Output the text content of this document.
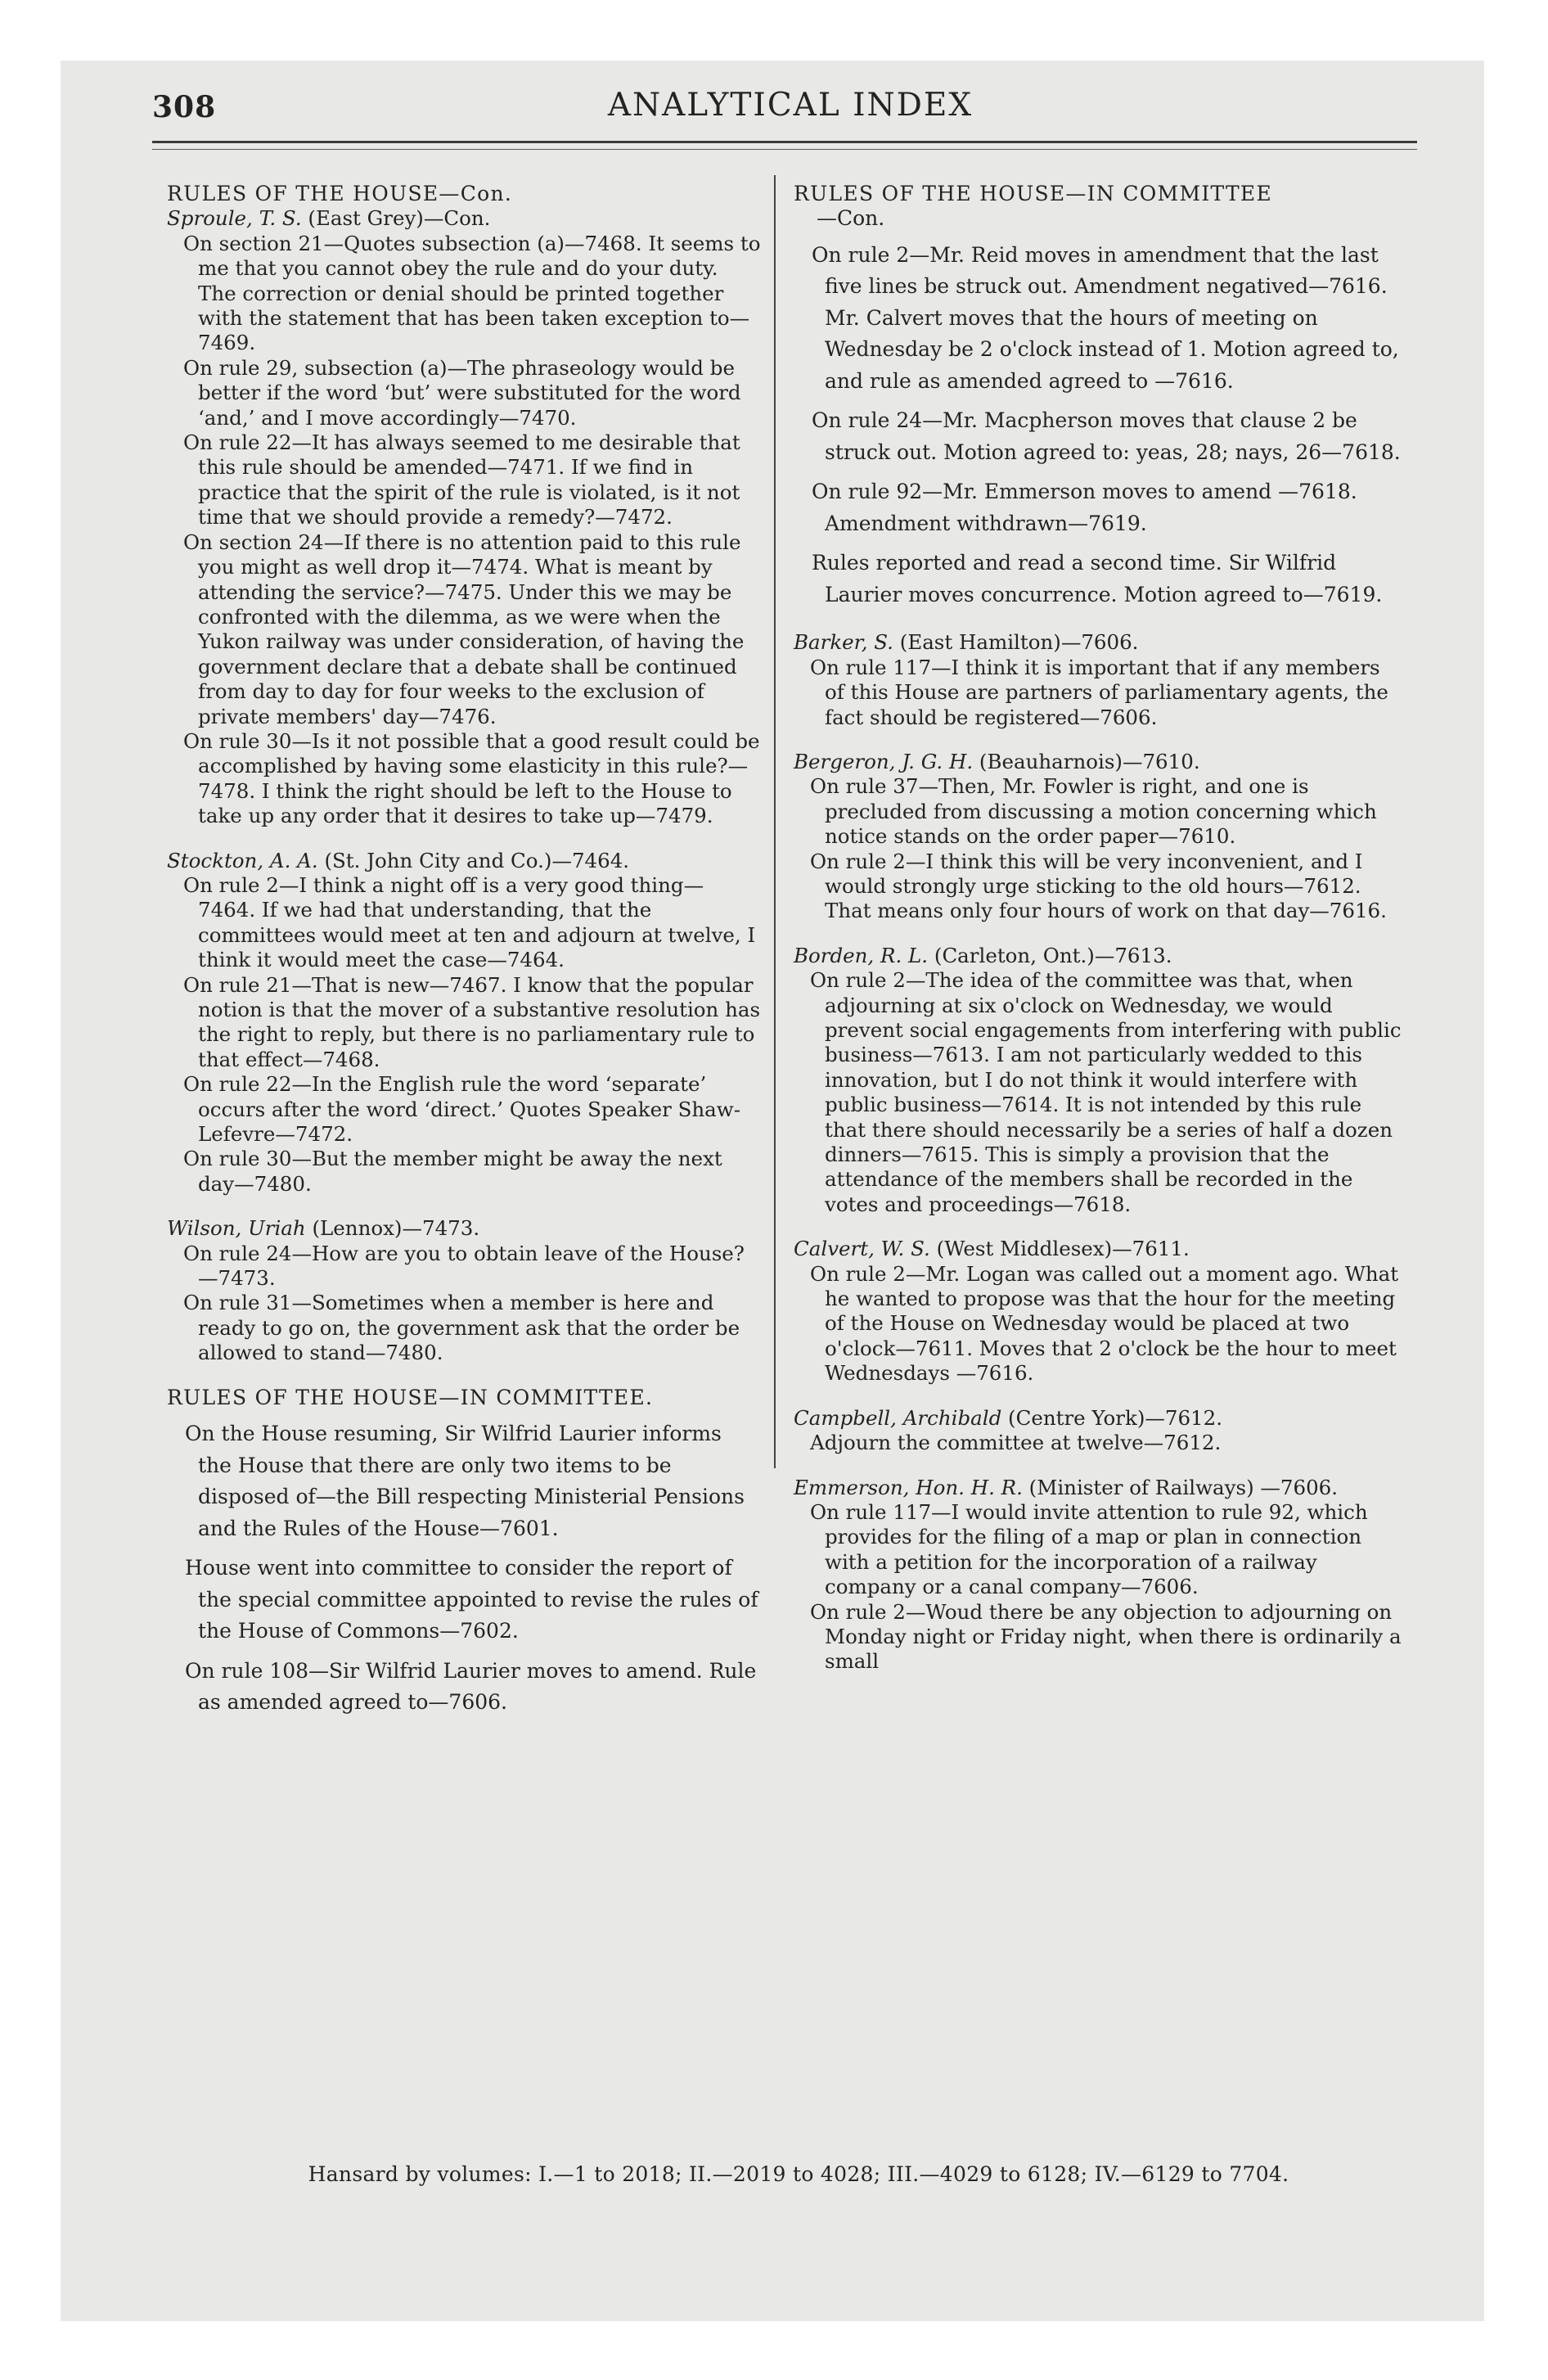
308	ANALYTICAL INDEX
RULES OF THE HOUSE—Con.
Sproule, T. S. (East Grey)—Con.

On section 21—Quotes subsection (a)—7468. It seems to me that you cannot obey the rule and do your duty. The correction or denial should be printed together with the statement that has been taken exception to—7469.

On rule 29, subsection (a)—The phraseology would be better if the word ‘but’ were substituted for the word ‘and,’ and I move accordingly—7470.

On rule 22—It has always seemed to me desirable that this rule should be amended—7471. If we find in practice that the spirit of the rule is violated, is it not time that we should provide a remedy?—7472.

On section 24—If there is no attention paid to this rule you might as well drop it—7474. What is meant by attending the service?—7475. Under this we may be confronted with the dilemma, as we were when the Yukon railway was under consideration, of having the government declare that a debate shall be continued from day to day for four weeks to the exclusion of private members' day—7476.

On rule 30—Is it not possible that a good result could be accomplished by having some elasticity in this rule?—7478. I think the right should be left to the House to take up any order that it desires to take up—7479.

Stockton, A. A. (St. John City and Co.)—7464.

On rule 2—I think a night off is a very good thing—7464. If we had that understanding, that the committees would meet at ten and adjourn at twelve, I think it would meet the case—7464.

On rule 21—That is new—7467. I know that the popular notion is that the mover of a substantive resolution has the right to reply, but there is no parliamentary rule to that effect—7468.

On rule 22—In the English rule the word ‘separate’ occurs after the word ‘direct.’ Quotes Speaker Shaw-Lefevre—7472.

On rule 30—But the member might be away the next day—7480.

Wilson, Uriah (Lennox)—7473.

On rule 24—How are you to obtain leave of the House?—7473.

On rule 31—Sometimes when a member is here and ready to go on, the government ask that the order be allowed to stand—7480.

RULES OF THE HOUSE—IN COMMITTEE.

On the House resuming, Sir Wilfrid Laurier informs the House that there are only two items to be disposed of—the Bill respecting Ministerial Pensions and the Rules of the House—7601.

House went into committee to consider the report of the special committee appointed to revise the rules of the House of Commons—7602.

On rule 108—Sir Wilfrid Laurier moves to amend. Rule as amended agreed to—7606.

RULES OF THE HOUSE—IN COMMITTEE
—Con.

On rule 2—Mr. Reid moves in amendment that the last five lines be struck out. Amendment negatived—7616. Mr. Calvert moves that the hours of meeting on Wednesday be 2 o'clock instead of 1. Motion agreed to, and rule as amended agreed to —7616.

On rule 24—Mr. Macpherson moves that clause 2 be struck out. Motion agreed to: yeas, 28; nays, 26—7618.

On rule 92—Mr. Emmerson moves to amend —7618. Amendment withdrawn—7619.

Rules reported and read a second time. Sir Wilfrid Laurier moves concurrence. Motion agreed to—7619.

Barker, S. (East Hamilton)—7606.

On rule 117—I think it is important that if any members of this House are partners of parliamentary agents, the fact should be registered—7606.

Bergeron, J. G. H. (Beauharnois)—7610.

On rule 37—Then, Mr. Fowler is right, and one is precluded from discussing a motion concerning which notice stands on the order paper—7610.

On rule 2—I think this will be very inconvenient, and I would strongly urge sticking to the old hours—7612. That means only four hours of work on that day—7616.

Borden, R. L. (Carleton, Ont.)—7613.

On rule 2—The idea of the committee was that, when adjourning at six o'clock on Wednesday, we would prevent social engagements from interfering with public business—7613. I am not particularly wedded to this innovation, but I do not think it would interfere with public business—7614. It is not intended by this rule that there should necessarily be a series of half a dozen dinners—7615. This is simply a provision that the attendance of the members shall be recorded in the votes and proceedings—7618.

Calvert, W. S. (West Middlesex)—7611.

On rule 2—Mr. Logan was called out a moment ago. What he wanted to propose was that the hour for the meeting of the House on Wednesday would be placed at two o'clock—7611. Moves that 2 o'clock be the hour to meet Wednesdays —7616.

Campbell, Archibald (Centre York)—7612.

Adjourn the committee at twelve—7612.

Emmerson, Hon. H. R. (Minister of Railways) —7606.

On rule 117—I would invite attention to rule 92, which provides for the filing of a map or plan in connection with a petition for the incorporation of a railway company or a canal company—7606.

On rule 2—Woud there be any objection to adjourning on Monday night or Friday night, when there is ordinarily a small

Hansard by volumes: I.—1 to 2018; II.—2019 to 4028; III.—4029 to 6128; IV.—6129 to 7704.
